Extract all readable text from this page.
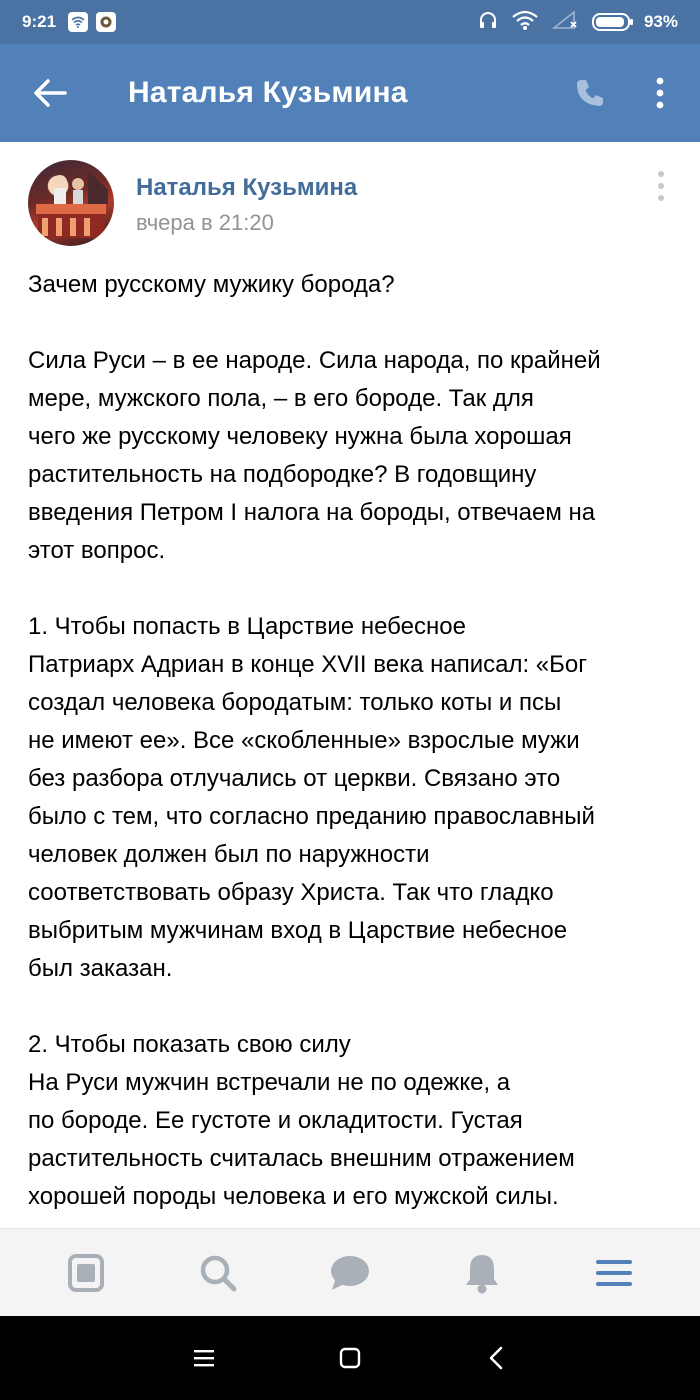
9:21	93%
Наталья Кузьмина
Наталья Кузьмина
вчера в 21:20
Зачем русскому мужику борода?
Сила Руси – в ее народе. Сила народа, по крайней
мере, мужского пола, – в его бороде. Так для
чего же русскому человеку нужна была хорошая
растительность на подбородке? В годовщину
введения Петром I налога на бороды, отвечаем на
этот вопрос.
1. Чтобы попасть в Царствие небесное
Патриарх Адриан в конце XVII века написал: «Бог
создал человека бородатым: только коты и псы
не имеют ее». Все «скобленные» взрослые мужи
без разбора отлучались от церкви. Связано это
было с тем, что согласно преданию православный
человек должен был по наружности
соответствовать образу Христа. Так что гладко
выбритым мужчинам вход в Царствие небесное
был заказан.
2. Чтобы показать свою силу
На Руси мужчин встречали не по одежке, а
по бороде. Ее густоте и окладитости. Густая
растительность считалась внешним отражением
хорошей породы человека и его мужской силы.
